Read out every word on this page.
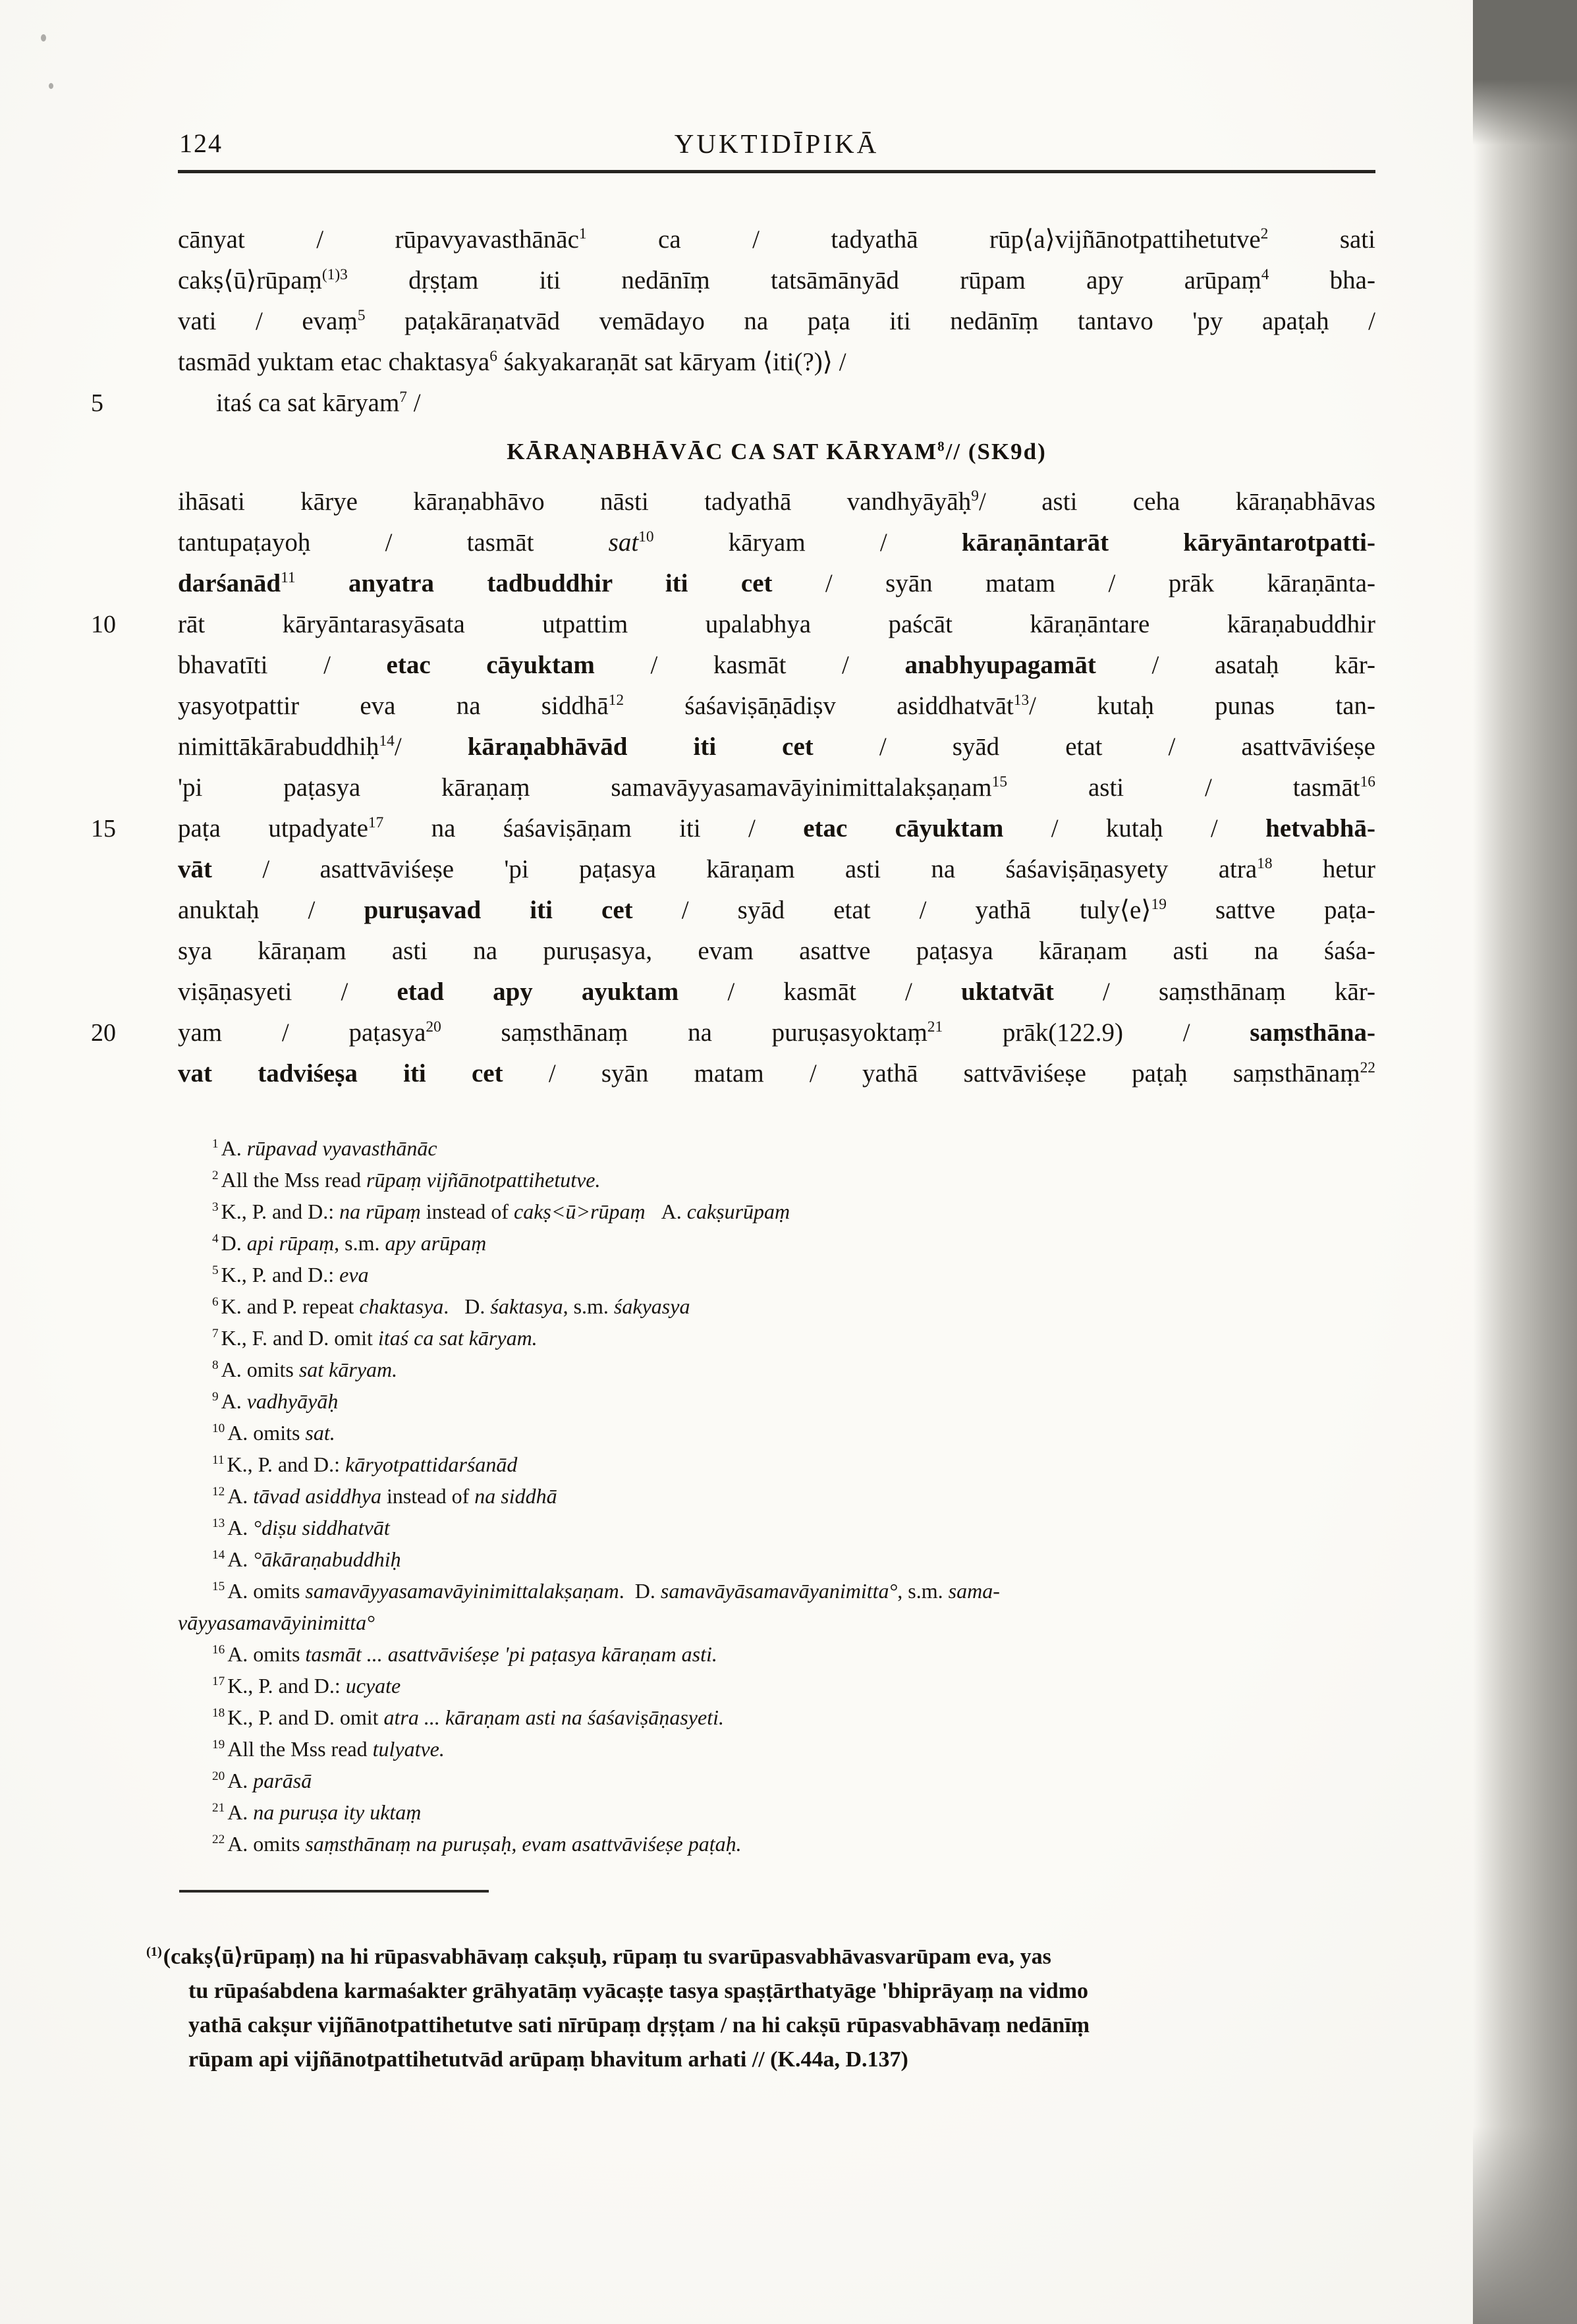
124	YUKTIDĪPIKĀ
cānyat / rūpavyavasthānāc$^1$ ca / tadyathā rūp⟨a⟩vijñānotpattihetutve$^2$ sati
cakṣ⟨ū⟩rūpaṃ$^{(1)3}$ dṛṣṭam iti nedānīṃ tatsāmānyād rūpam apy arūpaṃ$^4$ bha-
vati / evaṃ$^5$ paṭakāraṇatvād vemādayo na paṭa iti nedānīṃ tantavo 'py apaṭaḥ /
tasmād yuktam etac chaktasya$^6$ śakyakaraṇāt sat kāryam ⟨iti(?)⟩ /
5	itaś ca sat kāryam$^7$ /
KĀRAṆABHĀVĀC CA SAT KĀRYAM$^8$// (SK9d)
ihāsati kārye kāraṇabhāvo nāsti tadyathā vandhyāyāḥ$^9$/ asti ceha kāraṇabhāvas
tantupaṭayoḥ / tasmāt sat$^{10}$ kāryam / kāraṇāntarāt kāryāntarotpatti-
darśanād$^{11}$ anyatra tadbuddhir iti cet / syān matam / prāk kāraṇānta-
10 rāt kāryāntarasyāsata utpattim upalabhya paścāt kāraṇāntare kāraṇabuddhir
bhavatīti / etac cāyuktam / kasmāt / anabhyupagamāt / asataḥ kār-
yasyotpattir eva na siddhā$^{12}$ śaśaviṣāṇādiṣv asiddhatvāt$^{13}$/ kutaḥ punas tan-
nimittākārabuddhiḥ$^{14}$/ kāraṇabhāvād iti cet / syād etat / asattvāviśeṣe
'pi paṭasya kāraṇaṃ samavāyyasamavāyinimittalakṣaṇam$^{15}$ asti / tasmāt$^{16}$
15 paṭa utpadyate$^{17}$ na śaśaviṣāṇam iti / etac cāyuktam / kutaḥ / hetvabhā-
vāt / asattvāviśeṣe 'pi paṭasya kāraṇam asti na śaśaviṣāṇasyety atra$^{18}$ hetur
anuktaḥ / puruṣavad iti cet / syād etat / yathā tuly⟨e⟩$^{19}$ sattve paṭa-
sya kāraṇam asti na puruṣasya, evam asattve paṭasya kāraṇam asti na śaśa-
viṣāṇasyeti / etad apy ayuktam / kasmāt / uktatvāt / saṃsthānaṃ kār-
20 yam / paṭasya$^{20}$ saṃsthānaṃ na puruṣasyoktaṃ$^{21}$ prāk(122.9) / saṃsthāna-
vat tadviśeṣa iti cet / syān matam / yathā sattvāviśeṣe paṭaḥ saṃsthānaṃ$^{22}$
$^1$ A. rūpavad vyavasthānāc
$^2$ All the Mss read rūpaṃ vijñānotpattihetutve.
$^3$ K., P. and D.: na rūpaṃ instead of cakṣ<ū>rūpaṃ   A. cakṣurūpaṃ
$^4$ D. api rūpaṃ, s.m. apy arūpaṃ
$^5$ K., P. and D.: eva
$^6$ K. and P. repeat chaktasya.   D. śaktasya, s.m. śakyasya
$^7$ K., F. and D. omit itaś ca sat kāryam.
$^8$ A. omits sat kāryam.
$^9$ A. vadhyāyāḥ
$^{10}$ A. omits sat.
$^{11}$ K., P. and D.: kāryotpattidarśanād
$^{12}$ A. tāvad asiddhya instead of na siddhā
$^{13}$ A. °diṣu siddhatvāt
$^{14}$ A. °ākāraṇabuddhiḥ
$^{15}$ A. omits samavāyyasamavāyinimittalakṣaṇam.  D. samavāyāsamavāyanimitta°, s.m. sama-
vāyyasamavāyinimitta°
$^{16}$ A. omits tasmāt ... asattvāviśeṣe 'pi paṭasya kāraṇam asti.
$^{17}$ K., P. and D.: ucyate
$^{18}$ K., P. and D. omit atra ... kāraṇam asti na śaśaviṣāṇasyeti.
$^{19}$ All the Mss read tulyatve.
$^{20}$ A. parāsā
$^{21}$ A. na puruṣa ity uktaṃ
$^{22}$ A. omits saṃsthānaṃ na puruṣaḥ, evam asattvāviśeṣe paṭaḥ.
$^{(1)}$(cakṣ⟨ū⟩rūpaṃ) na hi rūpasvabhāvaṃ cakṣuḥ, rūpaṃ tu svarūpasvabhāvasvarūpam eva, yas
tu rūpaśabdena karmaśakter grāhyatāṃ vyācaṣṭe tasya spaṣṭārthatyāge 'bhiprāyaṃ na vidmo
yathā cakṣur vijñānotpattihetutve sati nīrūpaṃ dṛṣṭam / na hi cakṣū rūpasvabhāvaṃ nedānīṃ
rūpam api vijñānotpattihetutvād arūpaṃ bhavitum arhati // (K.44a, D.137)
